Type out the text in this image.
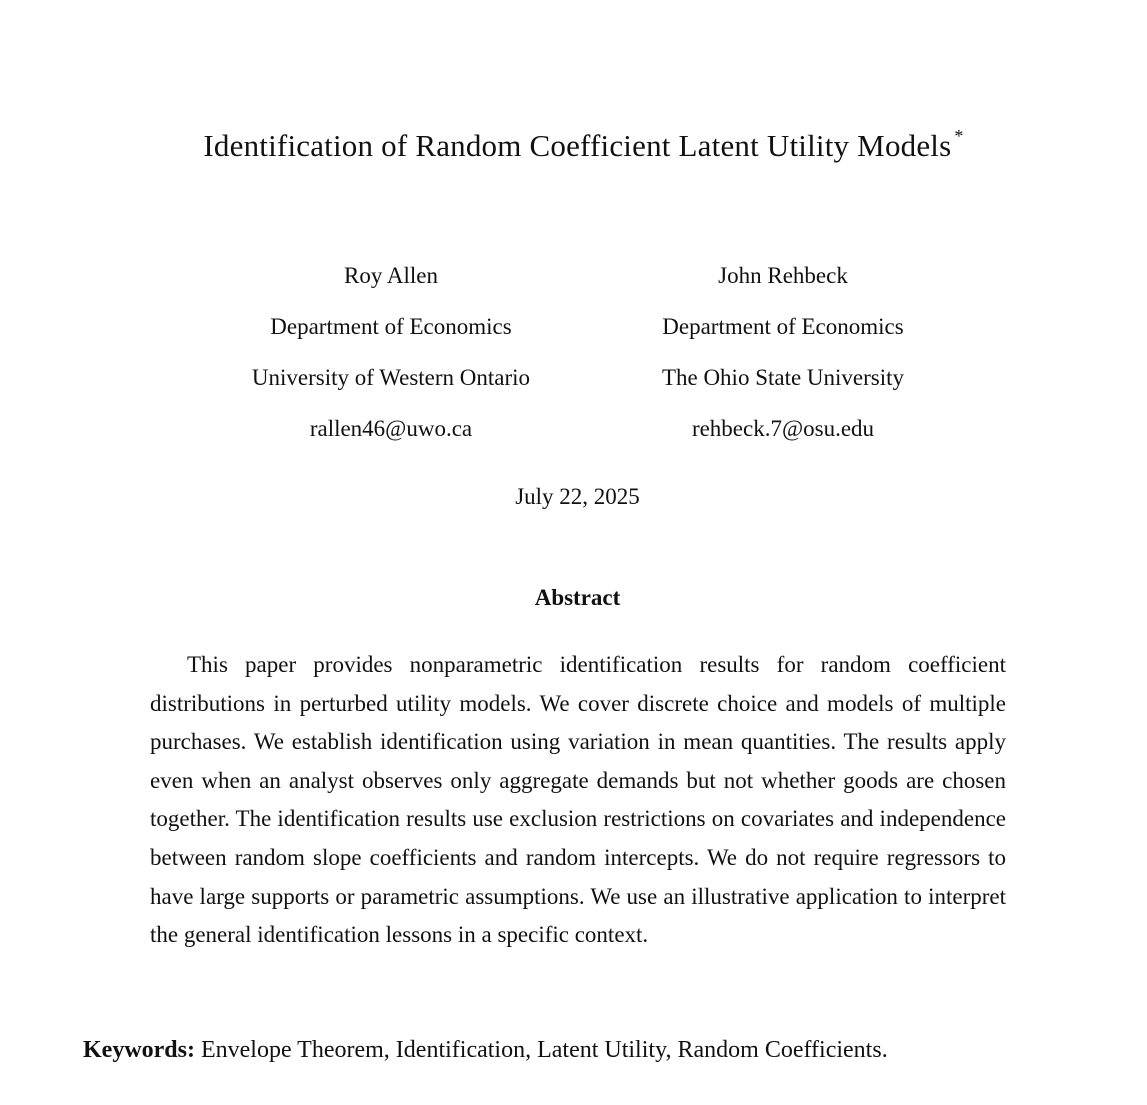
Identification of Random Coefficient Latent Utility Models *
Roy Allen
Department of Economics
University of Western Ontario
rallen46@uwo.ca
John Rehbeck
Department of Economics
The Ohio State University
rehbeck.7@osu.edu
July 22, 2025
Abstract
This paper provides nonparametric identification results for random coefficient distributions in perturbed utility models. We cover discrete choice and models of multiple purchases. We establish identification using variation in mean quantities. The results apply even when an analyst observes only aggregate demands but not whether goods are chosen together. The identification results use exclusion restrictions on covariates and independence between random slope coefficients and random intercepts. We do not require regressors to have large supports or parametric assumptions. We use an illustrative application to interpret the general identification lessons in a specific context.
Keywords: Envelope Theorem, Identification, Latent Utility, Random Coefficients.
